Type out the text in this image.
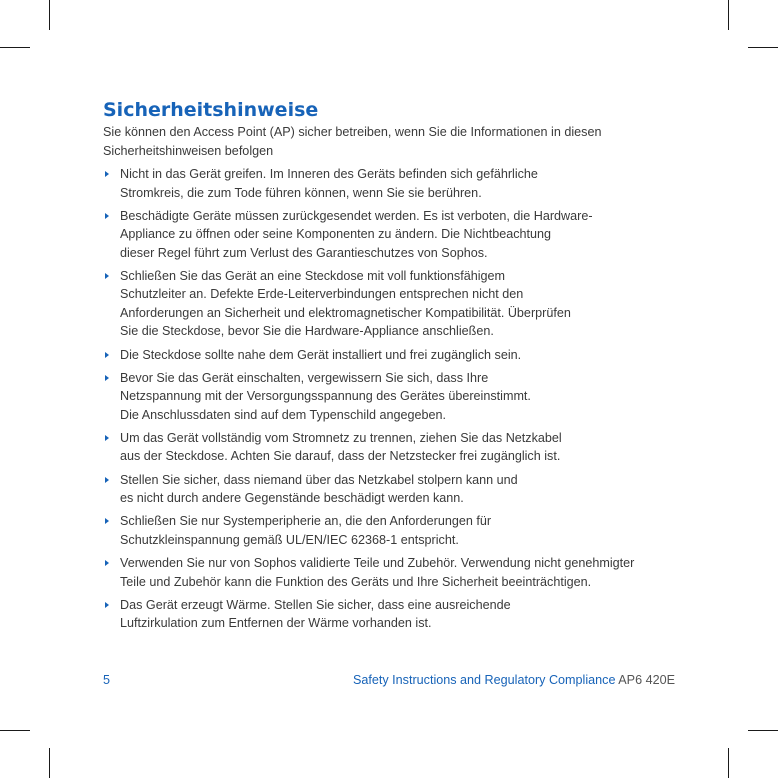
Sicherheitshinweise

Sie können den Access Point (AP) sicher betreiben, wenn Sie die Informationen in diesen
Sicherheitshinweisen befolgen

Nicht in das Gerät greifen. Im Inneren des Geräts befinden sich gefährliche
Stromkreis, die zum Tode führen können, wenn Sie sie berühren.
Beschädigte Geräte müssen zurückgesendet werden. Es ist verboten, die Hardware-
Appliance zu öffnen oder seine Komponenten zu ändern. Die Nichtbeachtung
dieser Regel führt zum Verlust des Garantieschutzes von Sophos.
Schließen Sie das Gerät an eine Steckdose mit voll funktionsfähigem
Schutzleiter an. Defekte Erde-Leiterverbindungen entsprechen nicht den
Anforderungen an Sicherheit und elektromagnetischer Kompatibilität. Überprüfen
Sie die Steckdose, bevor Sie die Hardware-Appliance anschließen.
Die Steckdose sollte nahe dem Gerät installiert und frei zugänglich sein.
Bevor Sie das Gerät einschalten, vergewissern Sie sich, dass Ihre
Netzspannung mit der Versorgungsspannung des Gerätes übereinstimmt.
Die Anschlussdaten sind auf dem Typenschild angegeben.
Um das Gerät vollständig vom Stromnetz zu trennen, ziehen Sie das Netzkabel
aus der Steckdose. Achten Sie darauf, dass der Netzstecker frei zugänglich ist.
Stellen Sie sicher, dass niemand über das Netzkabel stolpern kann und
es nicht durch andere Gegenstände beschädigt werden kann.
Schließen Sie nur Systemperipherie an, die den Anforderungen für
Schutzkleinspannung gemäß UL/EN/IEC 62368-1 entspricht.
Verwenden Sie nur von Sophos validierte Teile und Zubehör. Verwendung nicht genehmigter
Teile und Zubehör kann die Funktion des Geräts und Ihre Sicherheit beeinträchtigen.
Das Gerät erzeugt Wärme. Stellen Sie sicher, dass eine ausreichende
Luftzirkulation zum Entfernen der Wärme vorhanden ist.
5	Safety Instructions and Regulatory Compliance AP6 420E
